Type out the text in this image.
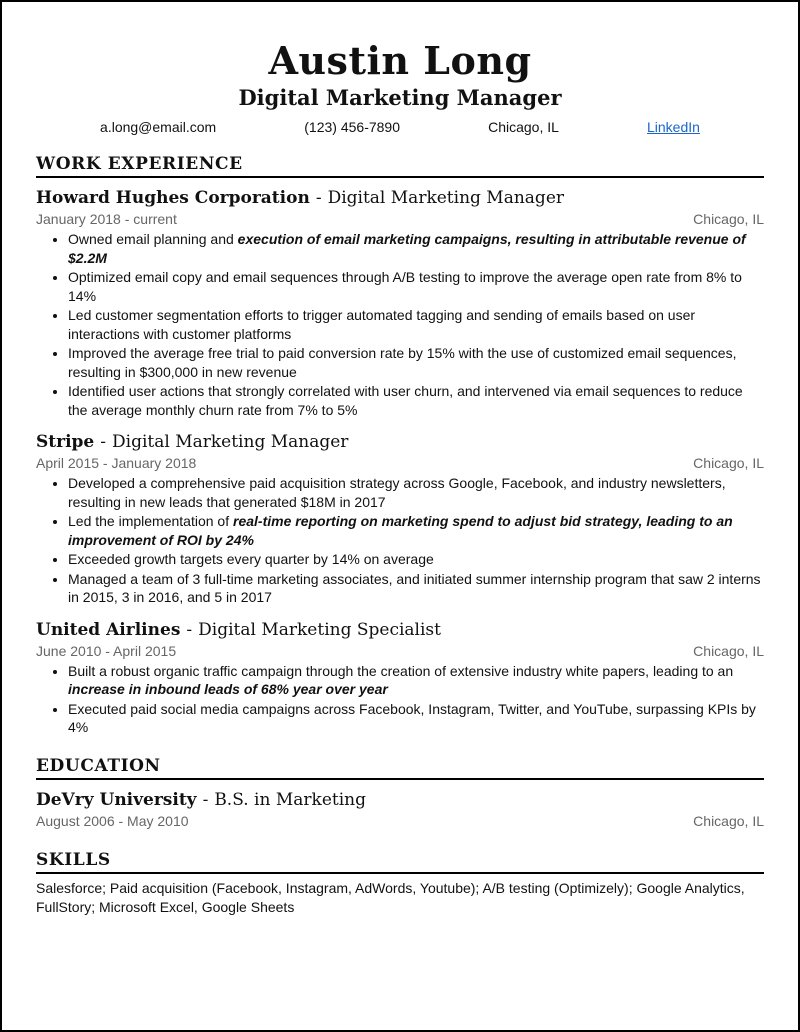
Austin Long
Digital Marketing Manager
a.long@email.com	(123) 456-7890	Chicago, IL	LinkedIn
WORK EXPERIENCE
Howard Hughes Corporation - Digital Marketing Manager
January 2018 - current	Chicago, IL
• Owned email planning and execution of email marketing campaigns, resulting in attributable revenue of $2.2M
• Optimized email copy and email sequences through A/B testing to improve the average open rate from 8% to 14%
• Led customer segmentation efforts to trigger automated tagging and sending of emails based on user interactions with customer platforms
• Improved the average free trial to paid conversion rate by 15% with the use of customized email sequences, resulting in $300,000 in new revenue
• Identified user actions that strongly correlated with user churn, and intervened via email sequences to reduce the average monthly churn rate from 7% to 5%
Stripe - Digital Marketing Manager
April 2015 - January 2018	Chicago, IL
• Developed a comprehensive paid acquisition strategy across Google, Facebook, and industry newsletters, resulting in new leads that generated $18M in 2017
• Led the implementation of real-time reporting on marketing spend to adjust bid strategy, leading to an improvement of ROI by 24%
• Exceeded growth targets every quarter by 14% on average
• Managed a team of 3 full-time marketing associates, and initiated summer internship program that saw 2 interns in 2015, 3 in 2016, and 5 in 2017
United Airlines - Digital Marketing Specialist
June 2010 - April 2015	Chicago, IL
• Built a robust organic traffic campaign through the creation of extensive industry white papers, leading to an increase in inbound leads of 68% year over year
• Executed paid social media campaigns across Facebook, Instagram, Twitter, and YouTube, surpassing KPIs by 4%
EDUCATION
DeVry University - B.S. in Marketing
August 2006 - May 2010	Chicago, IL
SKILLS
Salesforce; Paid acquisition (Facebook, Instagram, AdWords, Youtube); A/B testing (Optimizely); Google Analytics, FullStory; Microsoft Excel, Google Sheets
